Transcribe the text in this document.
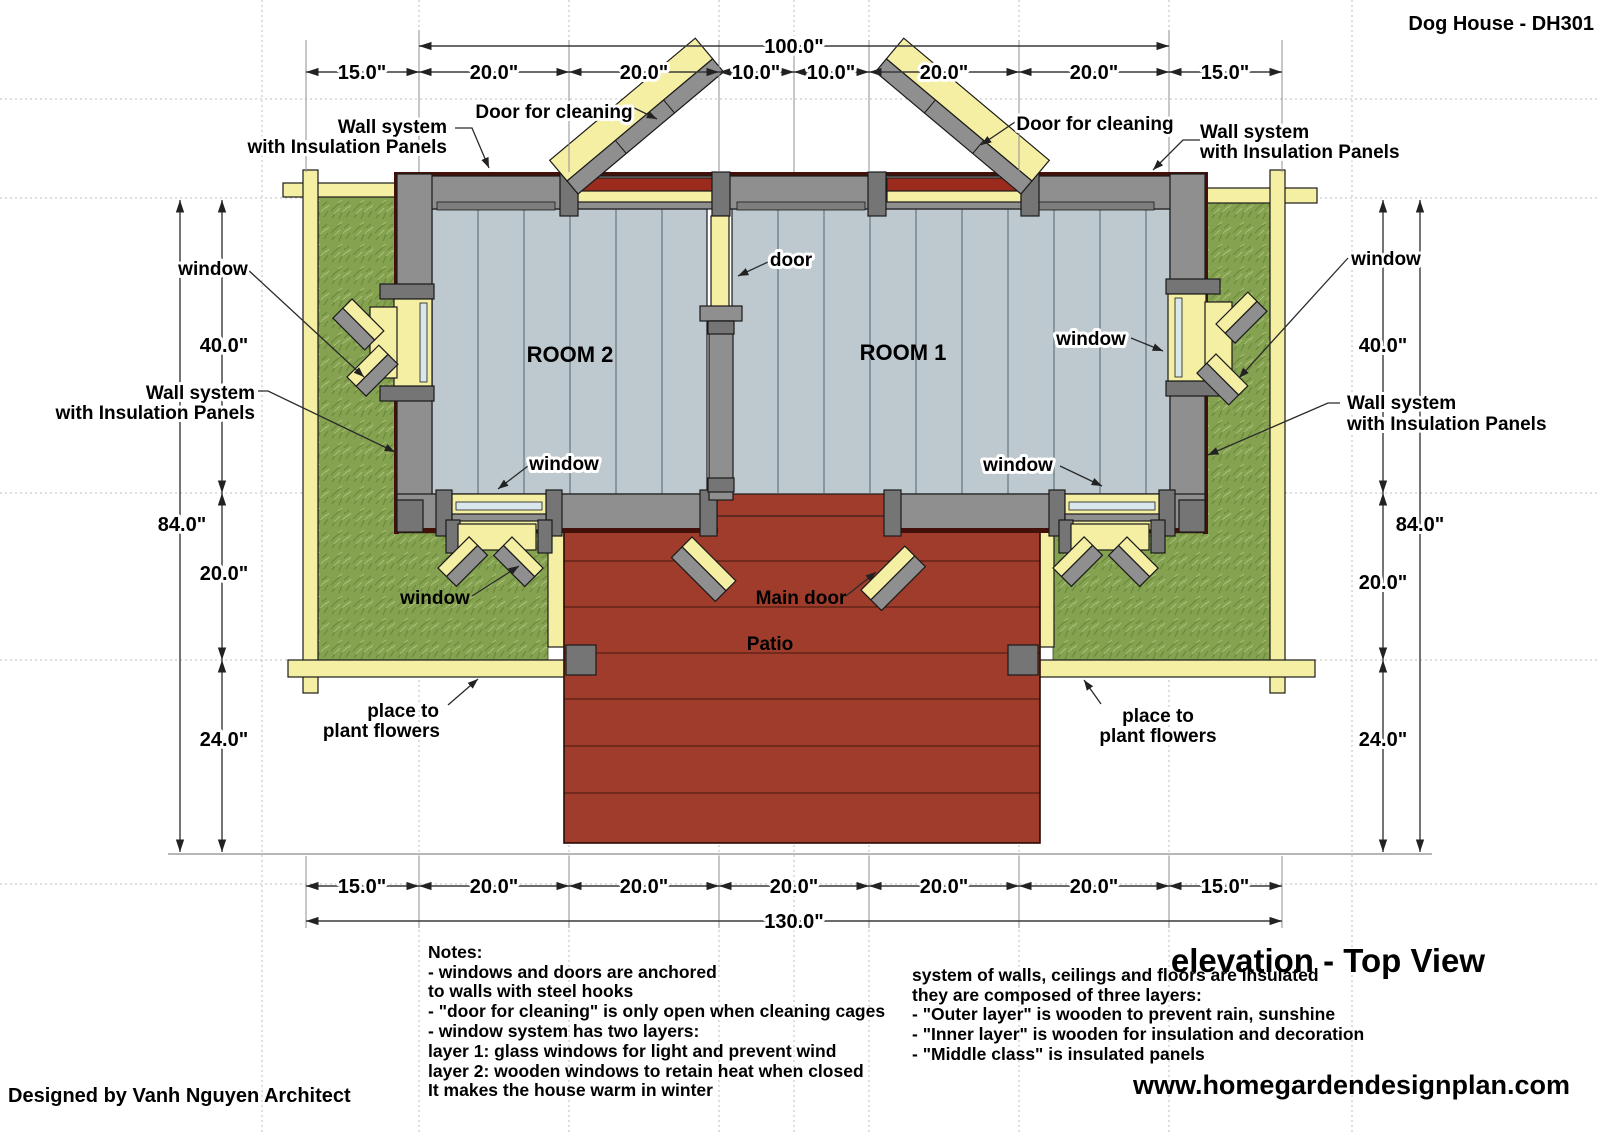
100.0"
15.0"	20.0"	20.0"	10.0" 10.0"	20.0"	20.0"	15.0"
15.0"	20.0"	20.0"	20.0"	20.0"	20.0"	15.0"
130.0"
84.0"
40.0"
20.0"
24.0"
84.0"
40.0"
20.0"
24.0"
Dog House - DH301
Door for cleaning
Door for cleaning
Wall system
with Insulation Panels
Wall system
with Insulation Panels
window	window
Wall system
with Insulation Panels	Wall system
with Insulation Panels
ROOM 2	ROOM 1
door
window
window	window
window	Main door
Patio
place to
plant flowers
place to
plant flowers
elevation - Top View
Notes:
- windows and doors are anchored
to walls with steel hooks
- "door for cleaning" is only open when cleaning cages
- window system has two layers:
layer 1: glass windows for light and prevent wind
layer 2: wooden windows to retain heat when closed
It makes the house warm in winter
system of walls, ceilings and floors are insulated
they are composed of three layers:
- "Outer layer" is wooden to prevent rain, sunshine
- "Inner layer" is wooden for insulation and decoration
- "Middle class" is insulated panels
Designed by Vanh Nguyen Architect	www.homegardendesignplan.com
